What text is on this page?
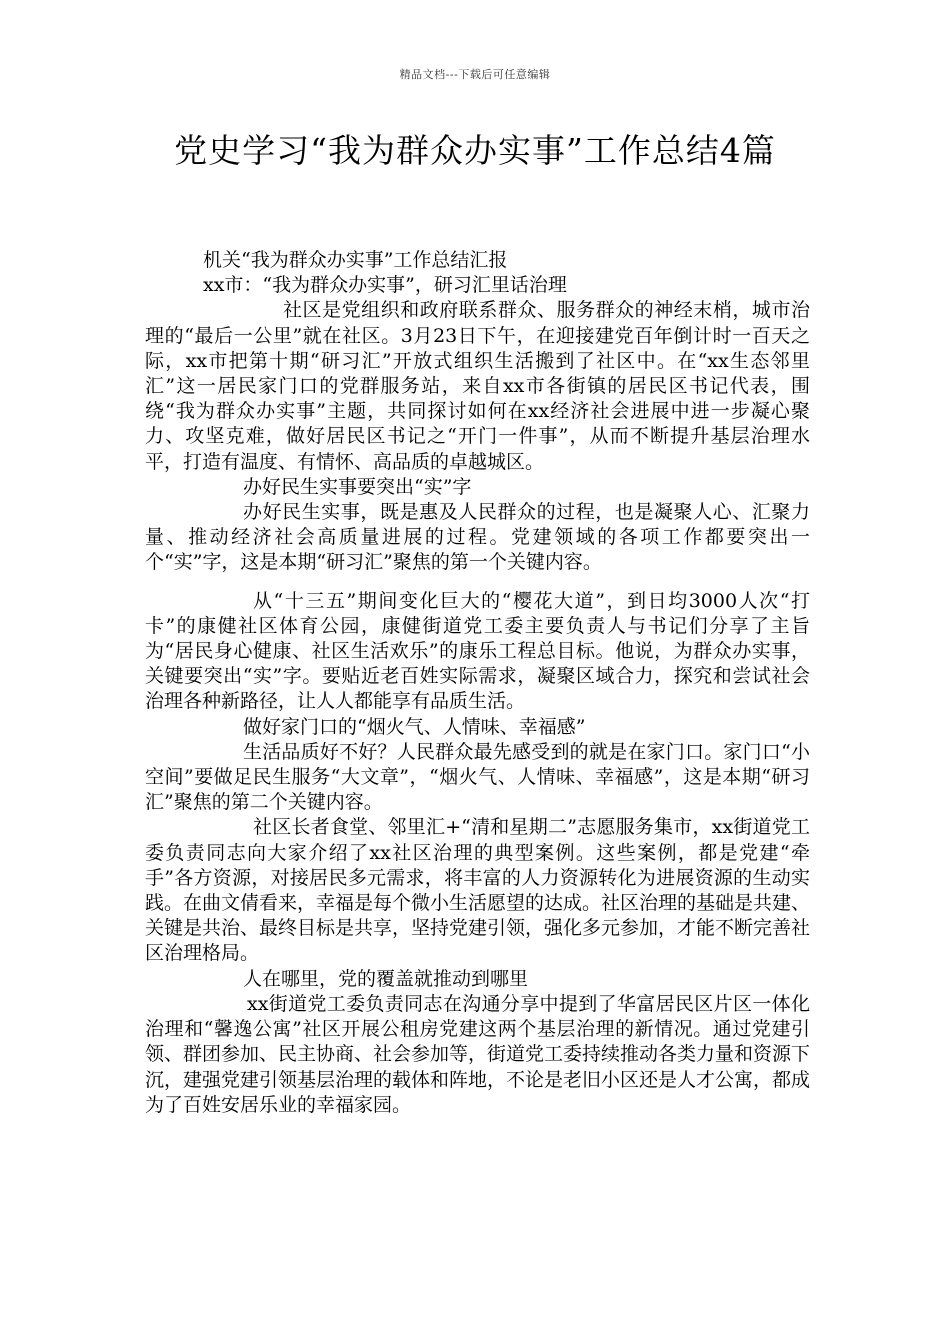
精品文档---下载后可任意编辑
党史学习“我为群众办实事”工作总结4篇

机关“我为群众办实事”工作总结汇报

xx市：“我为群众办实事”，研习汇里话治理

社区是党组织和政府联系群众、服务群众的神经末梢，城市治理的“最后一公里”就在社区。3月23日下午，在迎接建党百年倒计时一百天之际，xx市把第十期“研习汇”开放式组织生活搬到了社区中。在“xx生态邻里汇”这一居民家门口的党群服务站，来自xx市各街镇的居民区书记代表，围绕“我为群众办实事”主题，共同探讨如何在xx经济社会进展中进一步凝心聚力、攻坚克难，做好居民区书记之“开门一件事”，从而不断提升基层治理水平，打造有温度、有情怀、高品质的卓越城区。

办好民生实事要突出“实”字

办好民生实事，既是惠及人民群众的过程，也是凝聚人心、汇聚力量、推动经济社会高质量进展的过程。党建领域的各项工作都要突出一个“实”字，这是本期“研习汇”聚焦的第一个关键内容。

从“十三五”期间变化巨大的“樱花大道”，到日均3000人次“打卡”的康健社区体育公园，康健街道党工委主要负责人与书记们分享了主旨为“居民身心健康、社区生活欢乐”的康乐工程总目标。他说，为群众办实事，关键要突出“实”字。要贴近老百姓实际需求，凝聚区域合力，探究和尝试社会治理各种新路径，让人人都能享有品质生活。

做好家门口的“烟火气、人情味、幸福感”

生活品质好不好？人民群众最先感受到的就是在家门口。家门口“小空间”要做足民生服务“大文章”，“烟火气、人情味、幸福感”，这是本期“研习汇”聚焦的第二个关键内容。

社区长者食堂、邻里汇+“清和星期二”志愿服务集市，xx街道党工委负责同志向大家介绍了xx社区治理的典型案例。这些案例，都是党建“牵手”各方资源，对接居民多元需求，将丰富的人力资源转化为进展资源的生动实践。在曲文倩看来，幸福是每个微小生活愿望的达成。社区治理的基础是共建、关键是共治、最终目标是共享，坚持党建引领，强化多元参加，才能不断完善社区治理格局。

人在哪里，党的覆盖就推动到哪里

xx街道党工委负责同志在沟通分享中提到了华富居民区片区一体化治理和“馨逸公寓”社区开展公租房党建这两个基层治理的新情况。通过党建引领、群团参加、民主协商、社会参加等，街道党工委持续推动各类力量和资源下沉，建强党建引领基层治理的载体和阵地，不论是老旧小区还是人才公寓，都成为了百姓安居乐业的幸福家园。
